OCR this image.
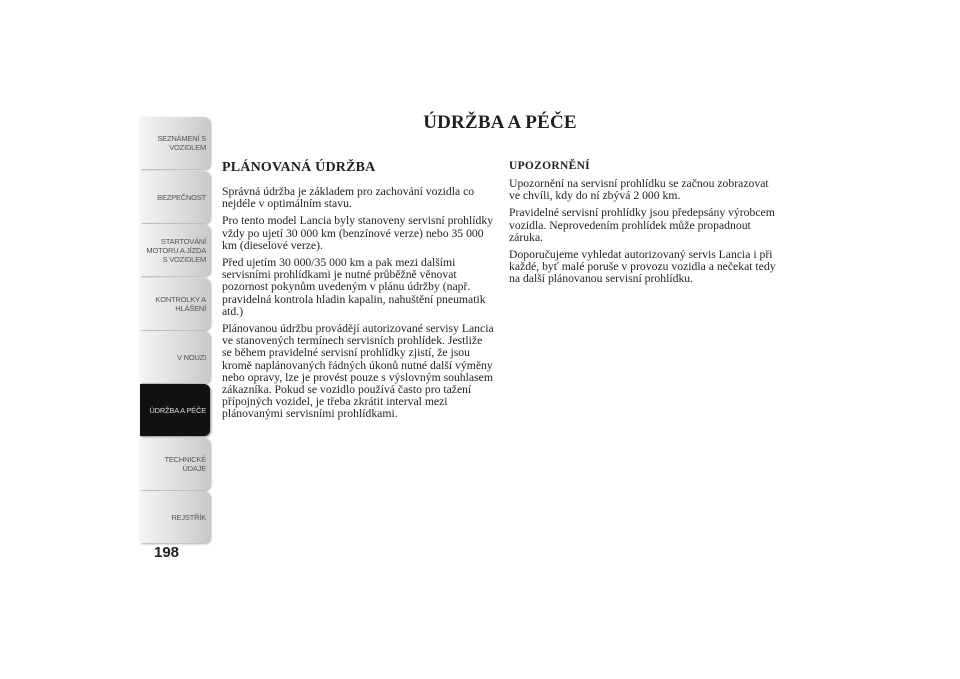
SEZNÁMENÍ S
VOZIDLEM
BEZPEČNOST
STARTOVÁNÍ
MOTORU A JÍZDA
S VOZIDLEM
KONTROLKY A
HLÁŠENÍ
V NOUZI
ÚDRŽBA A PÉČE
TECHNICKÉ
ÚDAJE
REJSTŘÍK
198
ÚDRŽBA A PÉČE
PLÁNOVANÁ ÚDRŽBA

Správná údržba je základem pro zachování vozidla co nejdéle v optimálním stavu.

Pro tento model Lancia byly stanoveny servisní prohlídky vždy po ujetí 30 000 km (benzínové verze) nebo 35 000 km (dieselové verze).

Před ujetím 30 000/35 000 km a pak mezi dalšími servisními prohlídkami je nutné průběžně věnovat pozornost pokynům uvedeným v plánu údržby (např. pravidelná kontrola hladin kapalin, nahuštění pneumatik atd.)

Plánovanou údržbu provádějí autorizované servisy Lancia ve stanovených termínech servisních prohlídek. Jestliže se během pravidelné servisní prohlídky zjistí, že jsou kromě naplánovaných řádných úkonů nutné další výměny nebo opravy, lze je provést pouze s výslovným souhlasem zákazníka. Pokud se vozidlo používá často pro tažení přípojných vozidel, je třeba zkrátit interval mezi plánovanými servisními prohlídkami.

UPOZORNĚNÍ

Upozornění na servisní prohlídku se začnou zobrazovat ve chvíli, kdy do ní zbývá 2 000 km.

Pravidelné servisní prohlídky jsou předepsány výrobcem vozidla. Neprovedením prohlídek může propadnout záruka.

Doporučujeme vyhledat autorizovaný servis Lancia i při každé, byť malé poruše v provozu vozidla a nečekat tedy na další plánovanou servisní prohlídku.
